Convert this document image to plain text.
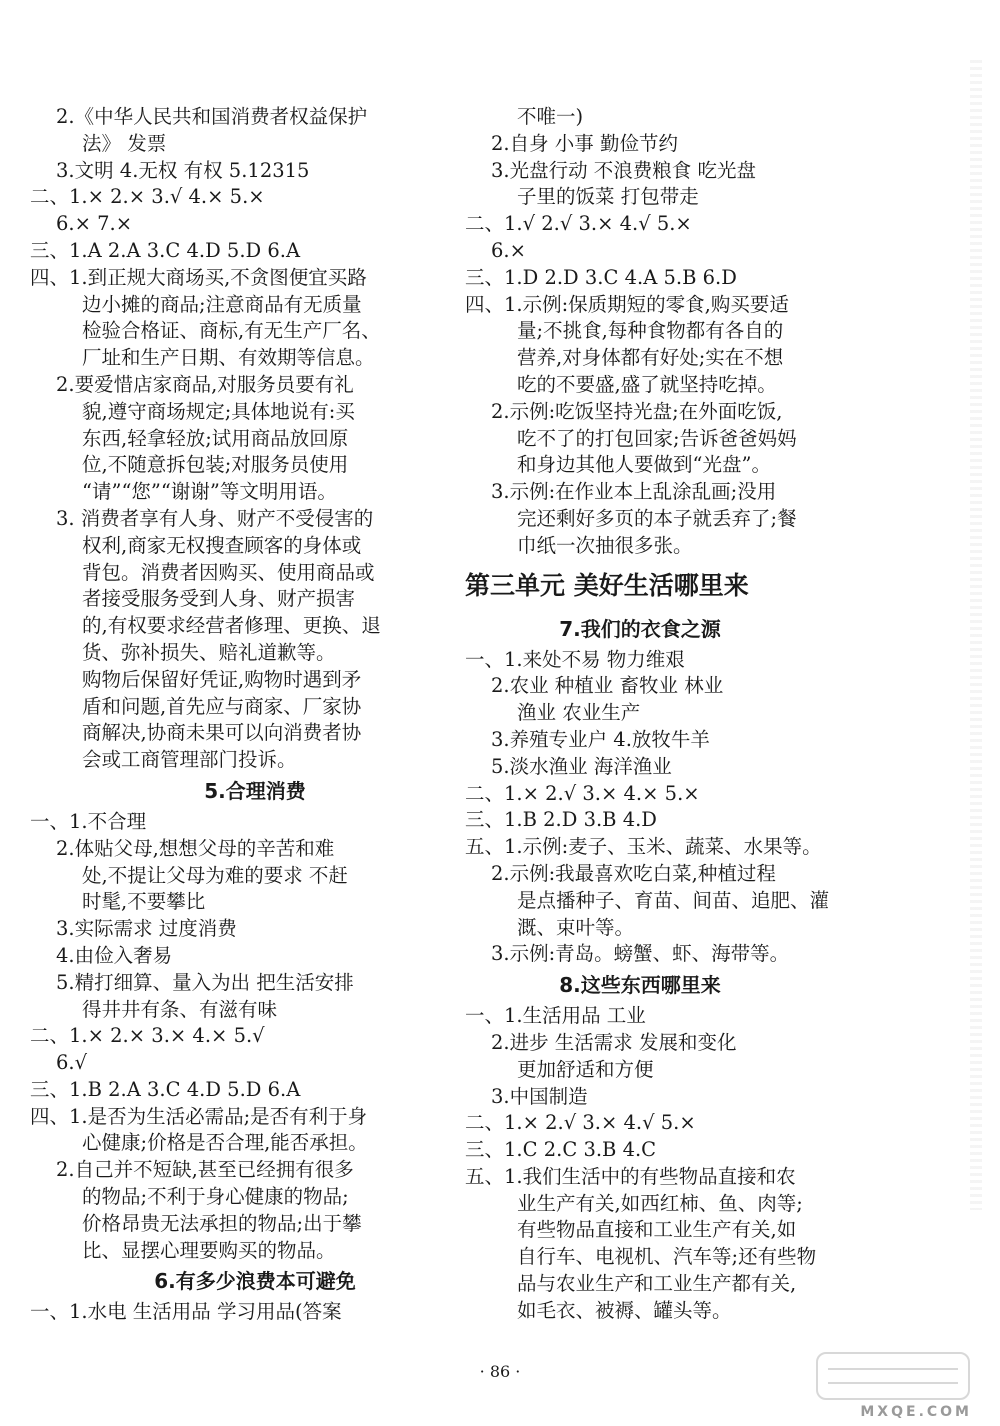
2.《中华人民共和国消费者权益保护
法》 发票
3.文明 4.无权 有权 5.12315
二、1.× 2.× 3.√ 4.× 5.×
6.× 7.×
三、1.A 2.A 3.C 4.D 5.D 6.A
四、1.到正规大商场买,不贪图便宜买路
边小摊的商品;注意商品有无质量
检验合格证、商标,有无生产厂名、
厂址和生产日期、有效期等信息。
2.要爱惜店家商品,对服务员要有礼
貌,遵守商场规定;具体地说有:买
东西,轻拿轻放;试用商品放回原
位,不随意拆包装;对服务员使用
“请”“您”“谢谢”等文明用语。
3. 消费者享有人身、财产不受侵害的
权利,商家无权搜查顾客的身体或
背包。消费者因购买、使用商品或
者接受服务受到人身、财产损害
的,有权要求经营者修理、更换、退
货、弥补损失、赔礼道歉等。
购物后保留好凭证,购物时遇到矛
盾和问题,首先应与商家、厂家协
商解决,协商未果可以向消费者协
会或工商管理部门投诉。
5.合理消费
一、1.不合理
2.体贴父母,想想父母的辛苦和难
处,不提让父母为难的要求 不赶
时髦,不要攀比
3.实际需求 过度消费
4.由俭入奢易
5.精打细算、量入为出 把生活安排
得井井有条、有滋有味
二、1.× 2.× 3.× 4.× 5.√
6.√
三、1.B 2.A 3.C 4.D 5.D 6.A
四、1.是否为生活必需品;是否有利于身
心健康;价格是否合理,能否承担。
2.自己并不短缺,甚至已经拥有很多
的物品;不利于身心健康的物品;
价格昂贵无法承担的物品;出于攀
比、显摆心理要购买的物品。
6.有多少浪费本可避免
一、1.水电 生活用品 学习用品(答案
不唯一)
2.自身 小事 勤俭节约
3.光盘行动 不浪费粮食 吃光盘
子里的饭菜 打包带走
二、1.√ 2.√ 3.× 4.√ 5.×
6.×
三、1.D 2.D 3.C 4.A 5.B 6.D
四、1.示例:保质期短的零食,购买要适
量;不挑食,每种食物都有各自的
营养,对身体都有好处;实在不想
吃的不要盛,盛了就坚持吃掉。
2.示例:吃饭坚持光盘;在外面吃饭,
吃不了的打包回家;告诉爸爸妈妈
和身边其他人要做到“光盘”。
3.示例:在作业本上乱涂乱画;没用
完还剩好多页的本子就丢弃了;餐
巾纸一次抽很多张。
第三单元 美好生活哪里来
7.我们的衣食之源
一、1.来处不易 物力维艰
2.农业 种植业 畜牧业 林业
渔业 农业生产
3.养殖专业户 4.放牧牛羊
5.淡水渔业 海洋渔业
二、1.× 2.√ 3.× 4.× 5.×
三、1.B 2.D 3.B 4.D
五、1.示例:麦子、玉米、蔬菜、水果等。
2.示例:我最喜欢吃白菜,种植过程
是点播种子、育苗、间苗、追肥、灌
溉、束叶等。
3.示例:青岛。螃蟹、虾、海带等。
8.这些东西哪里来
一、1.生活用品 工业
2.进步 生活需求 发展和变化
更加舒适和方便
3.中国制造
二、1.× 2.√ 3.× 4.√ 5.×
三、1.C 2.C 3.B 4.C
五、1.我们生活中的有些物品直接和农
业生产有关,如西红柿、鱼、肉等;
有些物品直接和工业生产有关,如
自行车、电视机、汽车等;还有些物
品与农业生产和工业生产都有关,
如毛衣、被褥、罐头等。
· 86 ·
MXQE.COM
